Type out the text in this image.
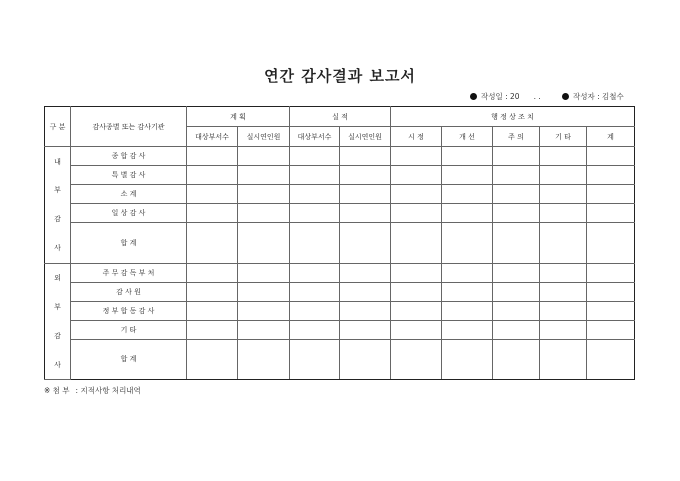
연간 감사결과 보고서
작성일 : 20 . .	작성자 : 김철수
구 분	감사종별 또는 감사기관	계 획		실 적		행 정 상 조 치				
		대상부서수	실시연인원	대상부서수	실시연인원	시 정	개 선	주 의	기 타	계

내
부
감
사	종 합 감 사									
	특 별 감 사									
	소 계									
	일 상 감 사									
	합 계									

외
부
감
사	주 무 감 독 부 처									
	감 사 원									
	정 부 합 동 감 사									
	기 타									
	합 계									
※ 첨 부 : 지적사항 처리내역
